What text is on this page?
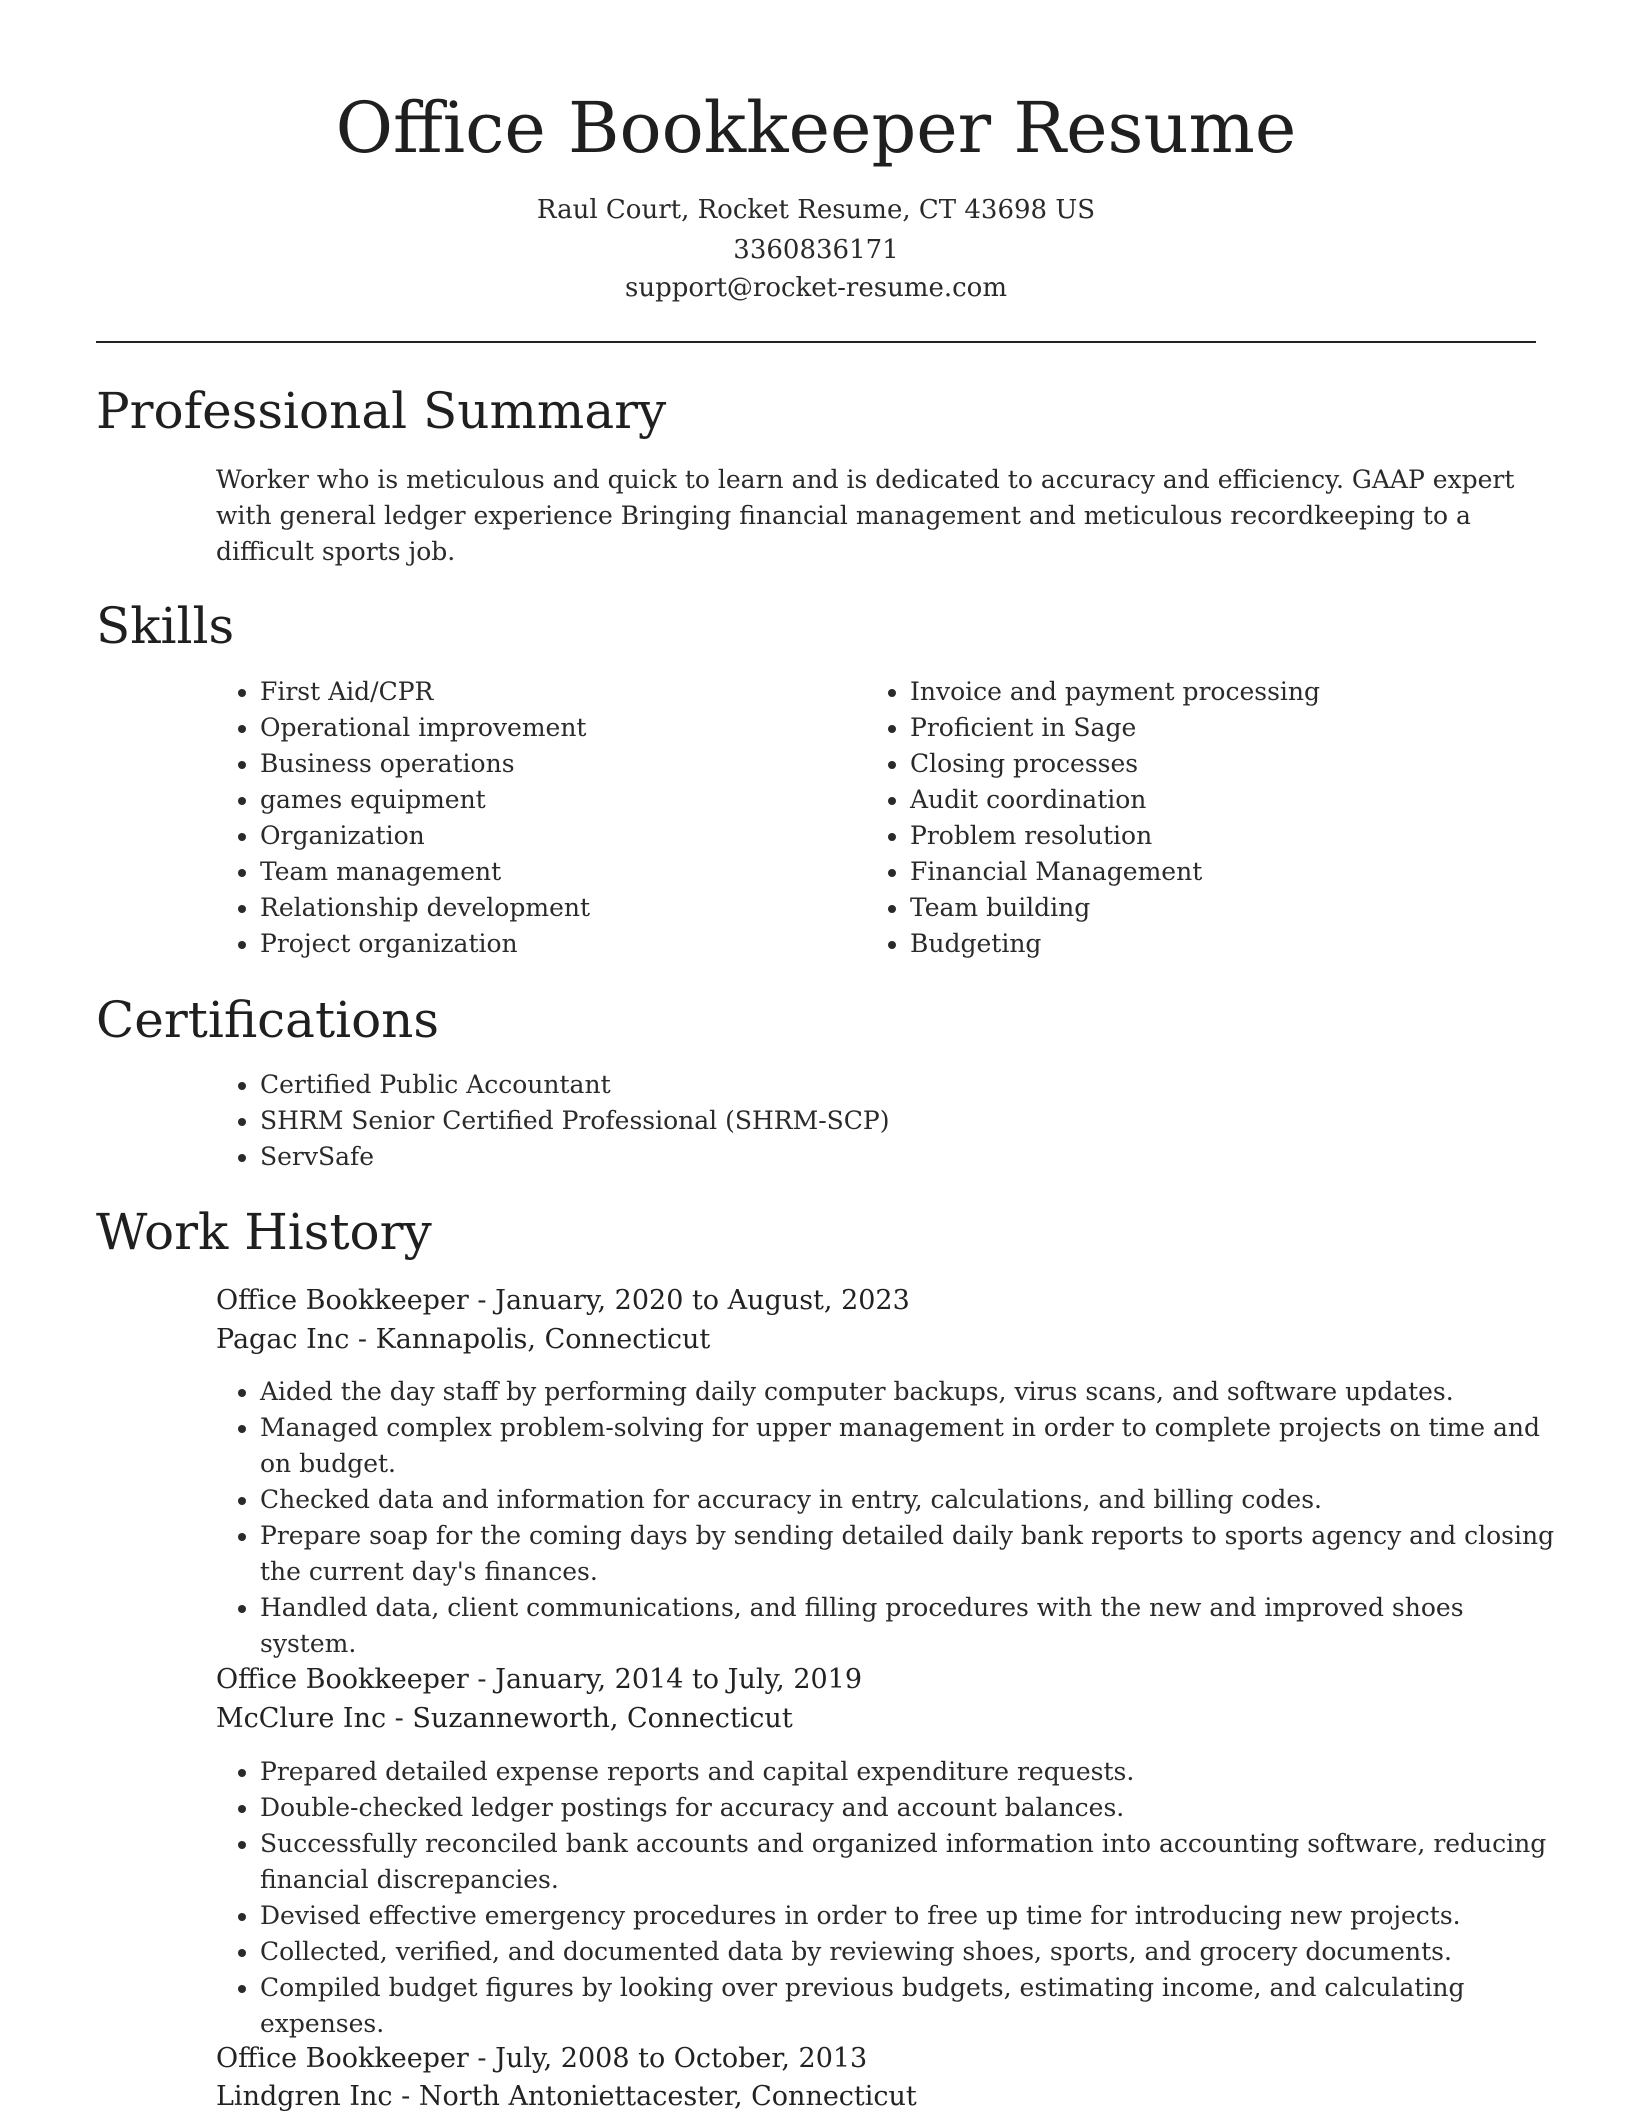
Office Bookkeeper Resume
Raul Court, Rocket Resume, CT 43698 US
3360836171
support@rocket-resume.com
Professional Summary

Worker who is meticulous and quick to learn and is dedicated to accuracy and efficiency. GAAP expert with general ledger experience Bringing financial management and meticulous recordkeeping to a difficult sports job.

Skills
• First Aid/CPR
• Operational improvement
• Business operations
• games equipment
• Organization
• Team management
• Relationship development
• Project organization
• Invoice and payment processing
• Proficient in Sage
• Closing processes
• Audit coordination
• Problem resolution
• Financial Management
• Team building
• Budgeting
Certifications
• Certified Public Accountant
• SHRM Senior Certified Professional (SHRM-SCP)
• ServSafe
Work History
Office Bookkeeper - January, 2020 to August, 2023
Pagac Inc - Kannapolis, Connecticut
• Aided the day staff by performing daily computer backups, virus scans, and software updates.
• Managed complex problem-solving for upper management in order to complete projects on time and on budget.
• Checked data and information for accuracy in entry, calculations, and billing codes.
• Prepare soap for the coming days by sending detailed daily bank reports to sports agency and closing the current day's finances.
• Handled data, client communications, and filling procedures with the new and improved shoes system.
Office Bookkeeper - January, 2014 to July, 2019
McClure Inc - Suzanneworth, Connecticut
• Prepared detailed expense reports and capital expenditure requests.
• Double-checked ledger postings for accuracy and account balances.
• Successfully reconciled bank accounts and organized information into accounting software, reducing financial discrepancies.
• Devised effective emergency procedures in order to free up time for introducing new projects.
• Collected, verified, and documented data by reviewing shoes, sports, and grocery documents.
• Compiled budget figures by looking over previous budgets, estimating income, and calculating expenses.
Office Bookkeeper - July, 2008 to October, 2013
Lindgren Inc - North Antoniettacester, Connecticut
